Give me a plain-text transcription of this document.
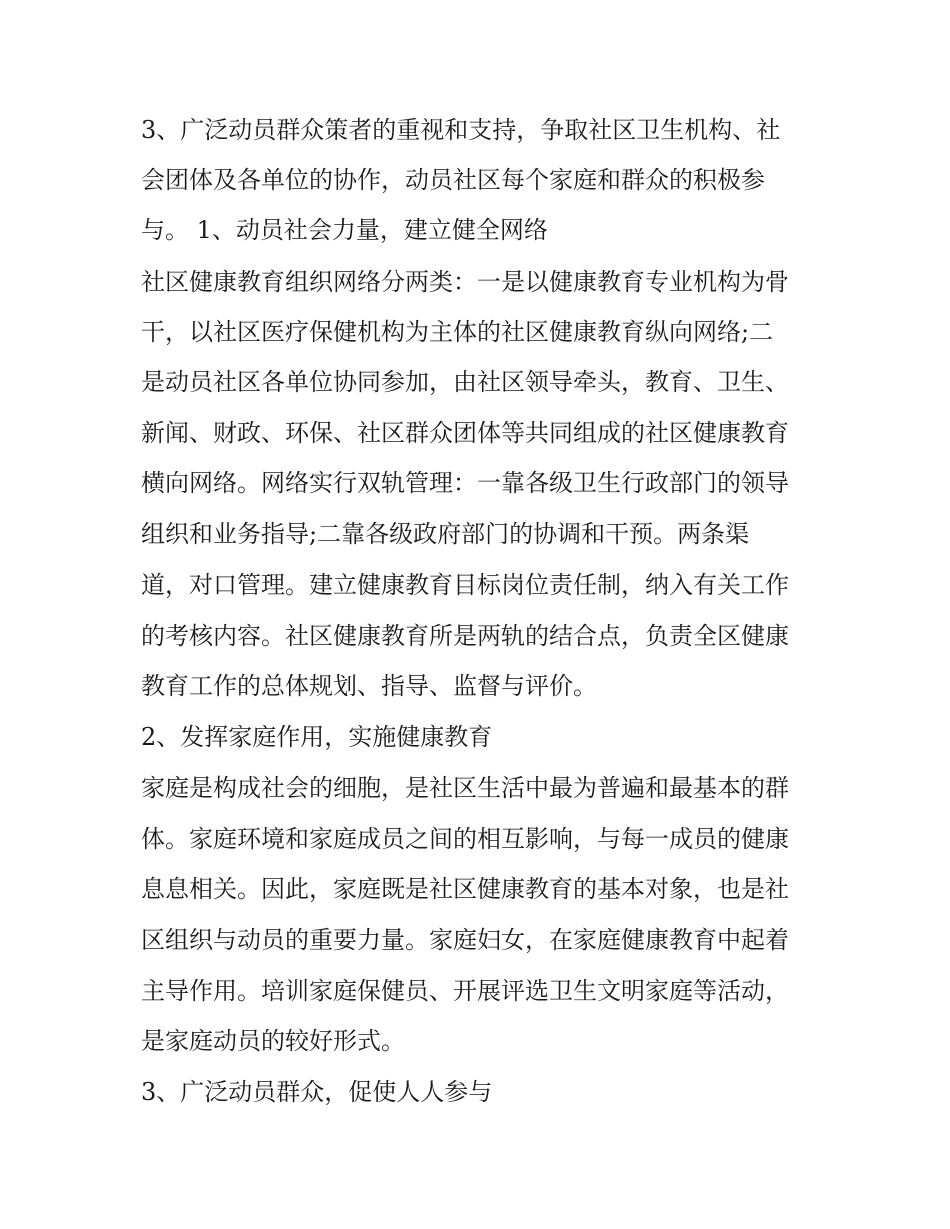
3、广泛动员群众策者的重视和支持，争取社区卫生机构、社
会团体及各单位的协作，动员社区每个家庭和群众的积极参
与。 1、动员社会力量，建立健全网络
社区健康教育组织网络分两类：一是以健康教育专业机构为骨
干，以社区医疗保健机构为主体的社区健康教育纵向网络;二
是动员社区各单位协同参加，由社区领导牵头，教育、卫生、
新闻、财政、环保、社区群众团体等共同组成的社区健康教育
横向网络。网络实行双轨管理：一靠各级卫生行政部门的领导
组织和业务指导;二靠各级政府部门的协调和干预。两条渠
道，对口管理。建立健康教育目标岗位责任制，纳入有关工作
的考核内容。社区健康教育所是两轨的结合点，负责全区健康
教育工作的总体规划、指导、监督与评价。
2、发挥家庭作用，实施健康教育
家庭是构成社会的细胞，是社区生活中最为普遍和最基本的群
体。家庭环境和家庭成员之间的相互影响，与每一成员的健康
息息相关。因此，家庭既是社区健康教育的基本对象，也是社
区组织与动员的重要力量。家庭妇女，在家庭健康教育中起着
主导作用。培训家庭保健员、开展评选卫生文明家庭等活动，
是家庭动员的较好形式。
3、广泛动员群众，促使人人参与
